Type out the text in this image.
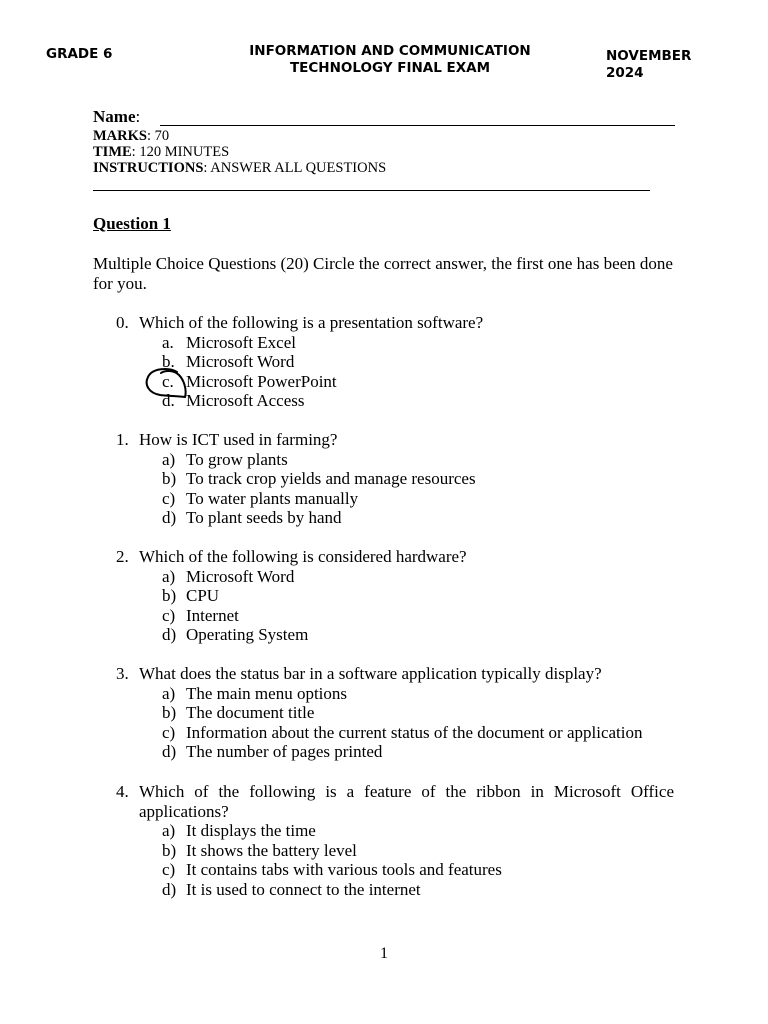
GRADE 6	INFORMATION AND COMMUNICATION
TECHNOLOGY FINAL EXAM
NOVEMBER
2024
Name:
MARKS: 70
TIME: 120 MINUTES
INSTRUCTIONS: ANSWER ALL QUESTIONS
Question 1
Multiple Choice Questions (20) Circle the correct answer, the first one has been done for you.
0. Which of the following is a presentation software?
a. Microsoft Excel
b. Microsoft Word
c. Microsoft PowerPoint
d. Microsoft Access
1. How is ICT used in farming?
a) To grow plants
b) To track crop yields and manage resources
c) To water plants manually
d) To plant seeds by hand
2. Which of the following is considered hardware?
a) Microsoft Word
b) CPU
c) Internet
d) Operating System
3. What does the status bar in a software application typically display?
a) The main menu options
b) The document title
c) Information about the current status of the document or application
d) The number of pages printed
4. Which of the following is a feature of the ribbon in Microsoft Office applications?
a) It displays the time
b) It shows the battery level
c) It contains tabs with various tools and features
d) It is used to connect to the internet
1
